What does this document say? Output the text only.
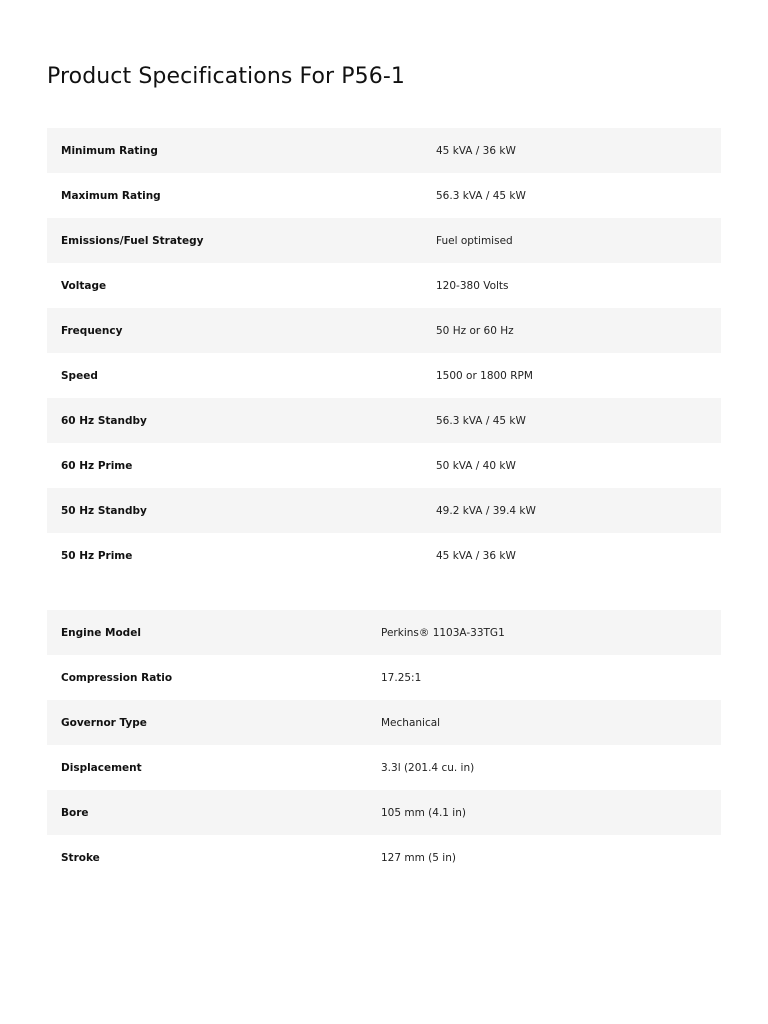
Product Specifications For P56-1
Minimum Rating	45 kVA / 36 kW
Maximum Rating	56.3 kVA / 45 kW
Emissions/Fuel Strategy	Fuel optimised
Voltage	120-380 Volts
Frequency	50 Hz or 60 Hz
Speed	1500 or 1800 RPM
60 Hz Standby	56.3 kVA / 45 kW
60 Hz Prime	50 kVA / 40 kW
50 Hz Standby	49.2 kVA / 39.4 kW
50 Hz Prime	45 kVA / 36 kW
Engine Model	Perkins® 1103A-33TG1
Compression Ratio	17.25:1
Governor Type	Mechanical
Displacement	3.3l (201.4 cu. in)
Bore	105 mm (4.1 in)
Stroke	127 mm (5 in)
